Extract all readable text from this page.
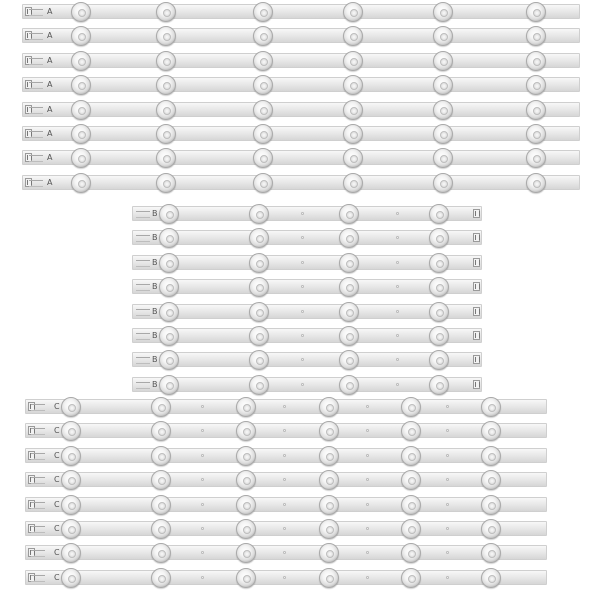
A
A
A
A
A
A
A
A
B
B
B
B
B
B
B
B
C
C
C
C
C
C
C
C
